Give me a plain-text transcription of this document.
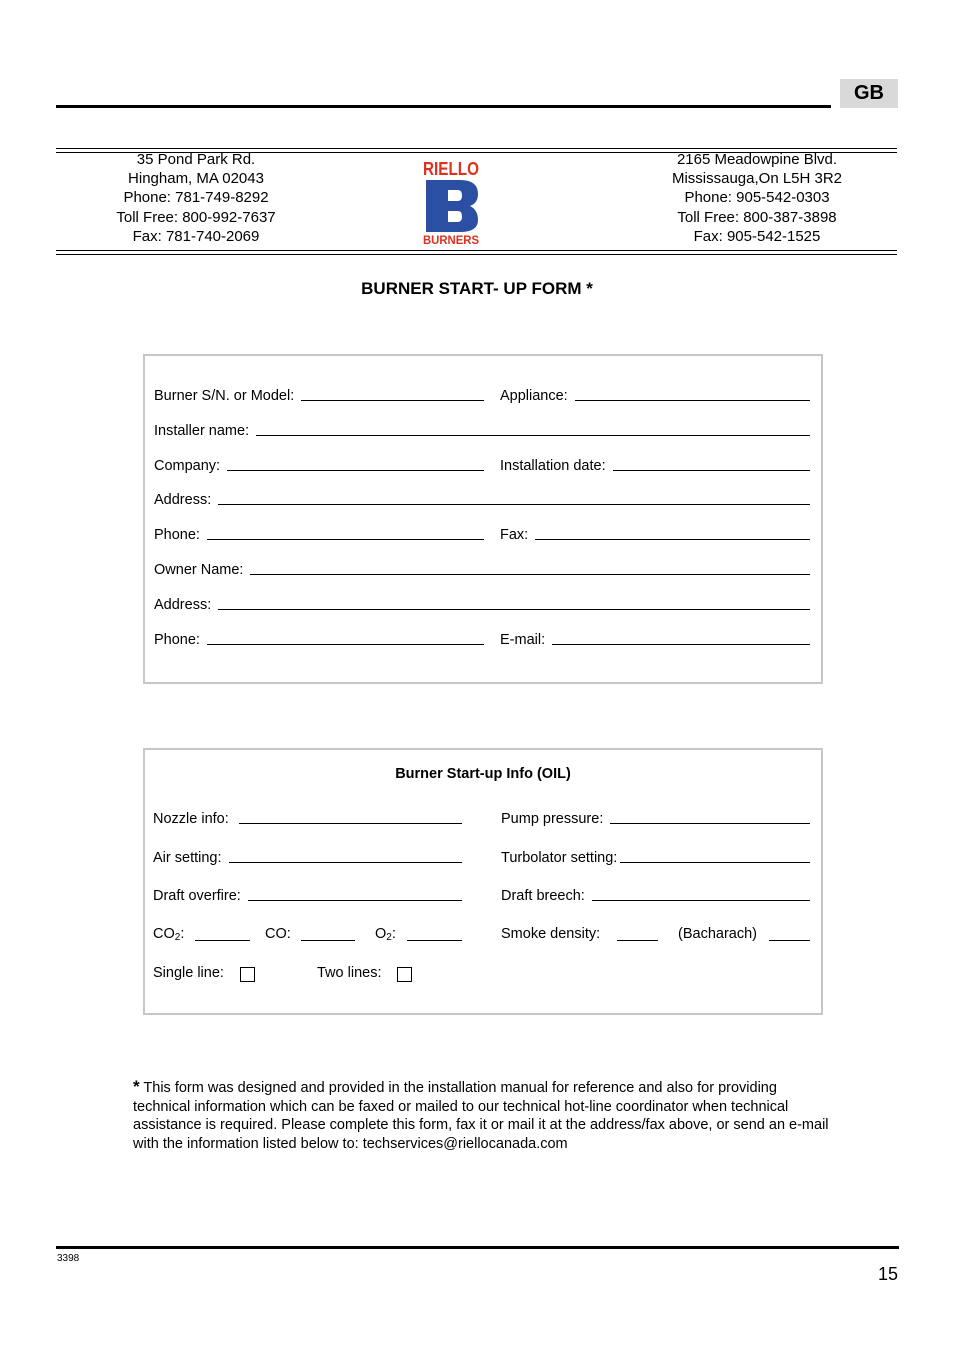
GB
35 Pond Park Rd.
Hingham, MA 02043
Phone: 781-749-8292
Toll Free: 800-992-7637
Fax: 781-740-2069
RIELLO
BURNERS
2165 Meadowpine Blvd.
Mississauga,On L5H 3R2
Phone: 905-542-0303
Toll Free: 800-387-3898
Fax: 905-542-1525
BURNER START- UP FORM *
Burner S/N. or Model:	Appliance:
Installer name:
Company:	Installation date:
Address:
Phone:	Fax:
Owner Name:
Address:
Phone:	E-mail:
Burner Start-up Info (OIL)
Nozzle info:	Pump pressure:
Air setting:	Turbolator setting:
Draft overfire:	Draft breech:
CO2:	CO:	O2:	Smoke density:	(Bacharach)
Single line:	Two lines:
* This form was designed and provided in the installation manual for reference and also for providing technical information which can be faxed or mailed to our technical hot-line coordinator when technical assistance is required. Please complete this form, fax it or mail it at the address/fax above, or send an e-mail with the information listed below to: techservices@riellocanada.com
3398
15
